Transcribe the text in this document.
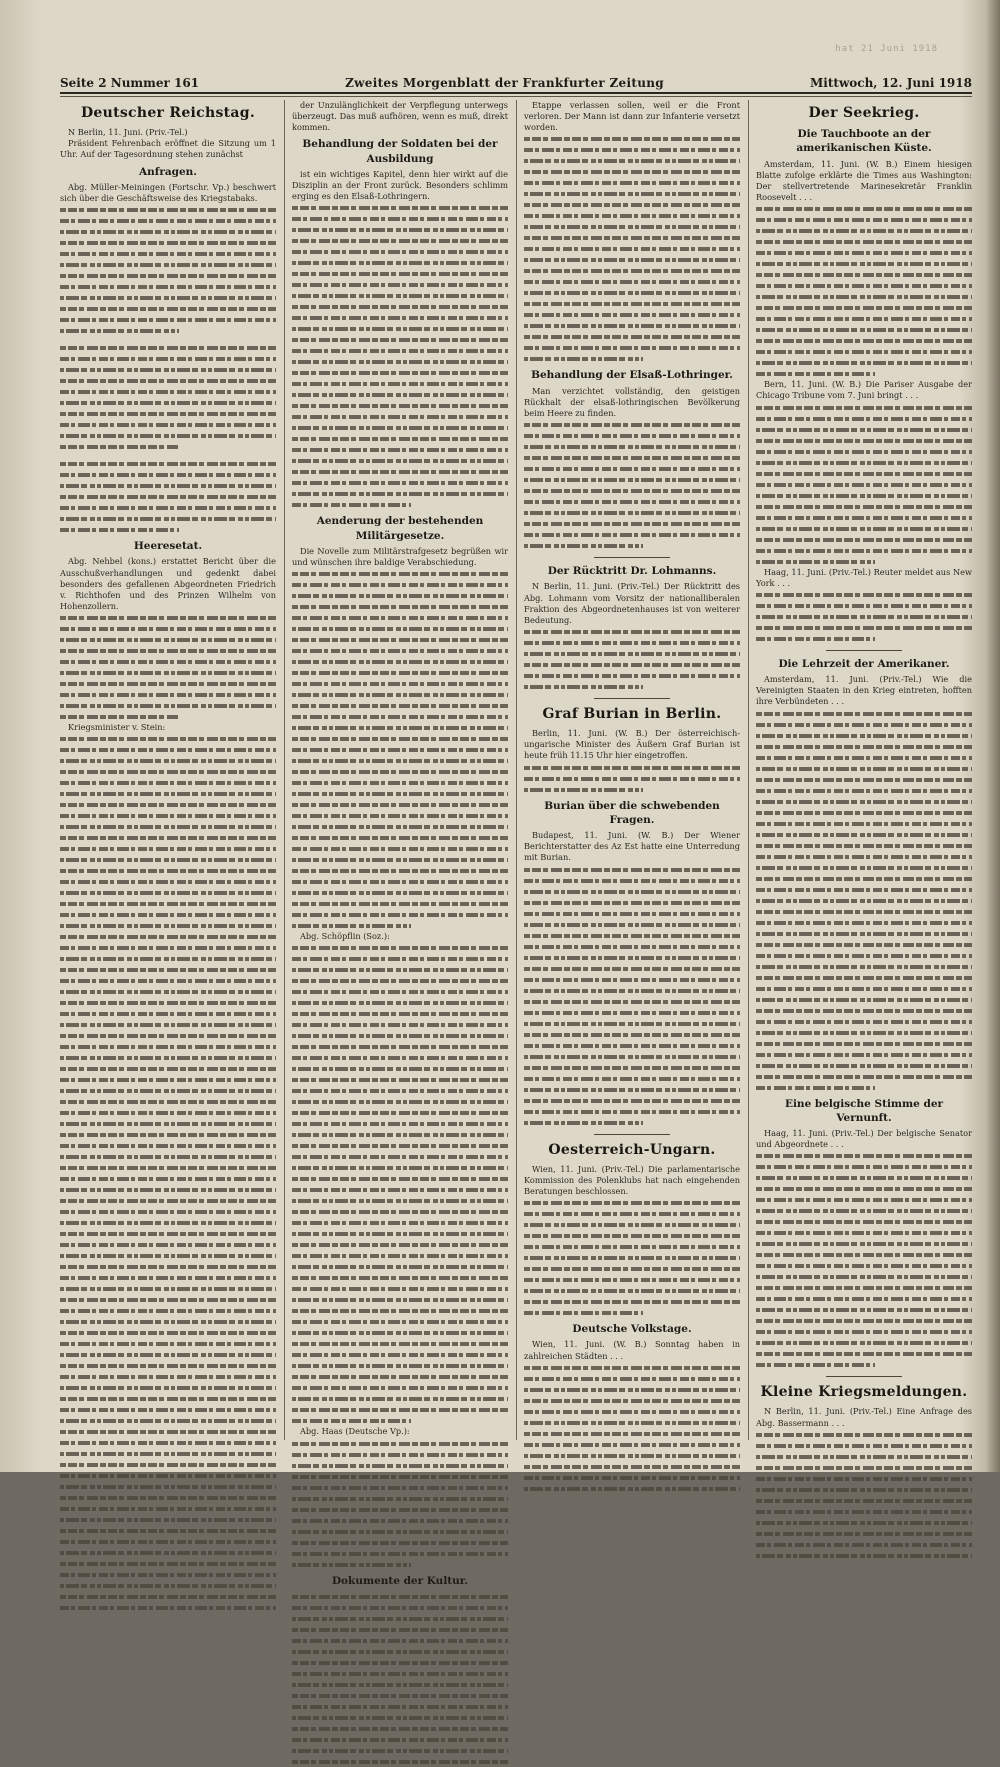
hat 21 Juni 1918
Seite 2 Nummer 161	Zweites Morgenblatt der Frankfurter Zeitung	Mittwoch, 12. Juni 1918
Deutscher Reichstag.

N Berlin, 11. Juni. (Priv.-Tel.)

Präsident Fehrenbach eröffnet die Sitzung um 1 Uhr. Auf der Tagesordnung stehen zunächst

Anfragen.

Abg. Müller-Meiningen (Fortschr. Vp.) beschwert sich über die Geschäftsweise des Kriegstabaks.

Heeresetat.

Abg. Nehbel (kons.) erstattet Bericht über die Ausschußverhandlungen und gedenkt dabei besonders des gefallenen Abgeordneten Friedrich v. Richthofen und des Prinzen Wilhelm von Hohenzollern.

Kriegsminister v. Stein:

der Unzulänglichkeit der Verpflegung unterwegs überzeugt. Das muß aufhören, wenn es muß, direkt kommen.

Behandlung der Soldaten bei der Ausbildung

ist ein wichtiges Kapitel, denn hier wirkt auf die Disziplin an der Front zurück. Besonders schlimm erging es den Elsaß-Lothringern.

Aenderung der bestehenden Militärgesetze.

Die Novelle zum Militärstrafgesetz begrüßen wir und wünschen ihre baldige Verabschiedung.

Abg. Schöpflin (Soz.):

Abg. Haas (Deutsche Vp.):

Dokumente der Kultur.

Etappe verlassen sollen, weil er die Front verloren. Der Mann ist dann zur Infanterie versetzt worden.

Behandlung der Elsaß-Lothringer.

Man verzichtet vollständig, den geistigen Rückhalt der elsaß-lothringischen Bevölkerung beim Heere zu finden.

Der Rücktritt Dr. Lohmanns.

N Berlin, 11. Juni. (Priv.-Tel.) Der Rücktritt des Abg. Lohmann vom Vorsitz der nationalliberalen Fraktion des Abgeordnetenhauses ist von weiterer Bedeutung.

Graf Burian in Berlin.

Berlin, 11. Juni. (W. B.) Der österreichisch-ungarische Minister des Äußern Graf Burian ist heute früh 11.15 Uhr hier eingetroffen.

Burian über die schwebenden Fragen.

Budapest, 11. Juni. (W. B.) Der Wiener Berichterstatter des Az Est hatte eine Unterredung mit Burian.

Oesterreich-Ungarn.

Wien, 11. Juni. (Priv.-Tel.) Die parlamentarische Kommission des Polenklubs hat nach eingehenden Beratungen beschlossen.

Deutsche Volkstage.

Wien, 11. Juni. (W. B.) Sonntag haben in zahlreichen Städten . . .

Der Seekrieg.
Die Tauchboote an der amerikanischen Küste.

Amsterdam, 11. Juni. (W. B.) Einem hiesigen Blatte zufolge erklärte die Times aus Washington: Der stellvertretende Marinesekretär Franklin Roosevelt . . .

Bern, 11. Juni. (W. B.) Die Pariser Ausgabe der Chicago Tribune vom 7. Juni bringt . . .

Haag, 11. Juni. (Priv.-Tel.) Reuter meldet aus New York . . .

Die Lehrzeit der Amerikaner.

Amsterdam, 11. Juni. (Priv.-Tel.) Wie die Vereinigten Staaten in den Krieg eintreten, hofften ihre Verbündeten . . .

Eine belgische Stimme der Vernunft.

Haag, 11. Juni. (Priv.-Tel.) Der belgische Senator und Abgeordnete . . .

Kleine Kriegsmeldungen.

N Berlin, 11. Juni. (Priv.-Tel.) Eine Anfrage des Abg. Bassermann . . .
